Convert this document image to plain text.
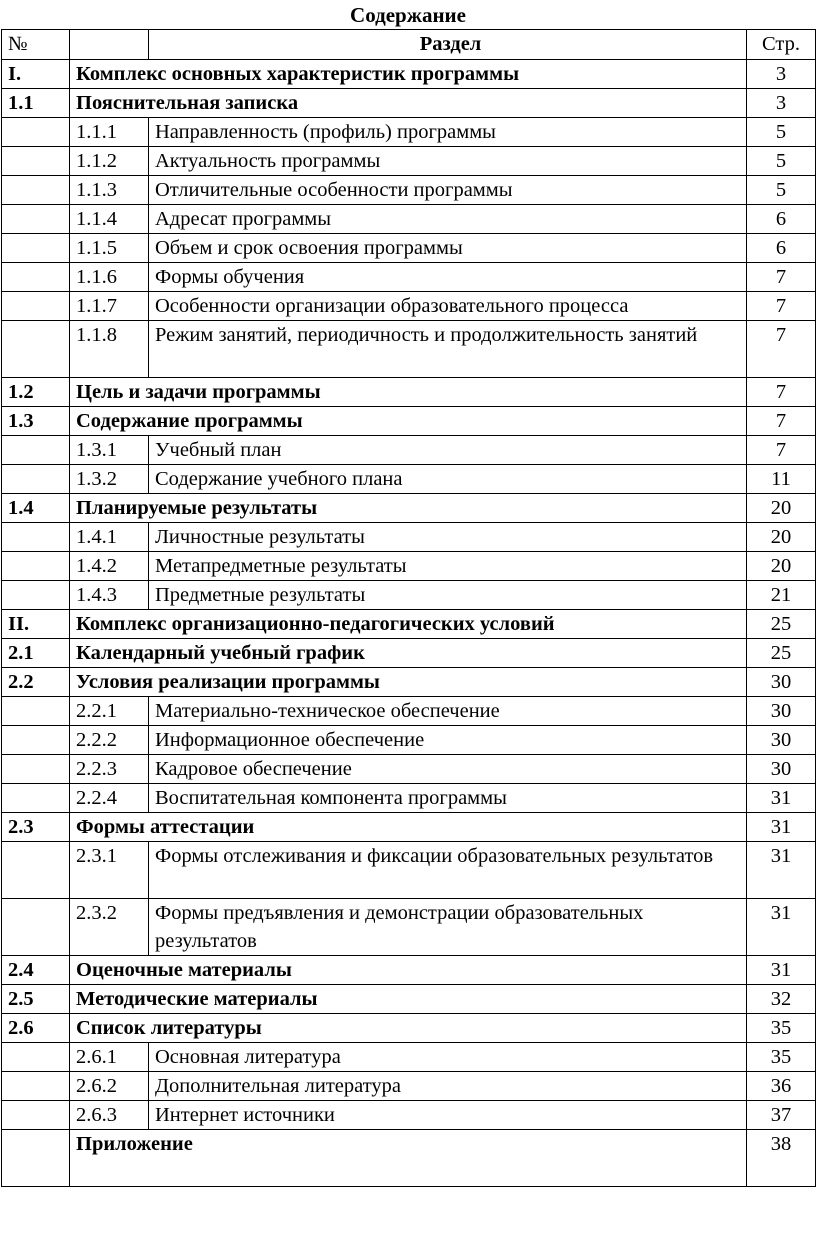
Содержание
№		Раздел	Стр.
I.	Комплекс основных характеристик программы		3
1.1	Пояснительная записка		3
	1.1.1	Направленность (профиль) программы	5
	1.1.2	Актуальность программы	5
	1.1.3	Отличительные особенности программы	5
	1.1.4	Адресат программы	6
	1.1.5	Объем и срок освоения программы	6
	1.1.6	Формы обучения	7
	1.1.7	Особенности организации образовательного процесса	7
	1.1.8	Режим занятий, периодичность и продолжительность занятий	7
1.2	Цель и задачи программы		7
1.3	Содержание программы		7
	1.3.1	Учебный план	7
	1.3.2	Содержание учебного плана	11
1.4	Планируемые результаты		20
	1.4.1	Личностные результаты	20
	1.4.2	Метапредметные результаты	20
	1.4.3	Предметные результаты	21
II.	Комплекс организационно-педагогических условий		25
2.1	Календарный учебный график		25
2.2	Условия реализации программы		30
	2.2.1	Материально-техническое обеспечение	30
	2.2.2	Информационное обеспечение	30
	2.2.3	Кадровое обеспечение	30
	2.2.4	Воспитательная компонента программы	31
2.3	Формы аттестации		31
	2.3.1	Формы отслеживания и фиксации образовательных результатов	31
	2.3.2	Формы предъявления и демонстрации образовательных результатов	31
2.4	Оценочные материалы		31
2.5	Методические материалы		32
2.6	Список литературы		35
	2.6.1	Основная литература	35
	2.6.2	Дополнительная литература	36
	2.6.3	Интернет источники	37
	Приложение		38
